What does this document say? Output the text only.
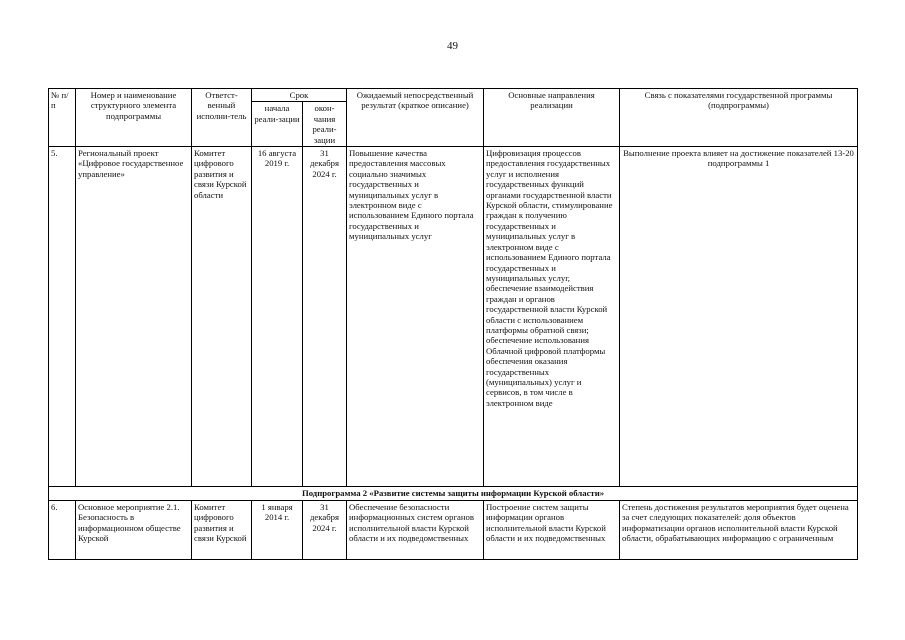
49
№ п/п	Номер и наименование структурного элемента подпрограммы	Ответст-венный исполни-тель	Срок		Ожидаемый непосредственный результат (краткое описание)	Основные направления реализации	Связь с показателями государственной программы (подпрограммы)
			начала реали-зации	окон-чания реали-зации			
5.	Региональный проект «Цифровое государственное управление»	Комитет цифрового развития и связи Курской области	16 августа 2019 г.	31 декабря 2024 г.	Повышение качества предоставления массовых социально значимых государственных и муниципальных услуг в электронном виде с использованием Единого портала государственных и муниципальных услуг	Цифровизация процессов предоставления государственных услуг и исполнения государственных функций органами государственной власти Курской области, стимулирование граждан к получению государственных и муниципальных услуг в электронном виде с использованием Единого портала государственных и муниципальных услуг, обеспечение взаимодействия граждан и органов государственной власти Курской области с использованием платформы обратной связи; обеспечение использования Облачной цифровой платформы обеспечения оказания государственных (муниципальных) услуг и сервисов, в том числе в электронном виде	Выполнение проекта влияет на достижение показателей 13-20 подпрограммы 1
Подпрограмма 2 «Развитие системы защиты информации Курской области»							
6.	Основное мероприятие 2.1. Безопасность в информационном обществе Курской	Комитет цифрового развития и связи Курской	1 января 2014 г.	31 декабря 2024 г.	Обеспечение безопасности информационных систем органов исполнительной власти Курской области и их подведомственных	Построение систем защиты информации органов исполнительной власти Курской области и их подведомственных	Степень достижения результатов мероприятия будет оценена за счет следующих показателей: доля объектов информатизации органов исполнительной власти Курской области, обрабатывающих информацию с ограниченным
